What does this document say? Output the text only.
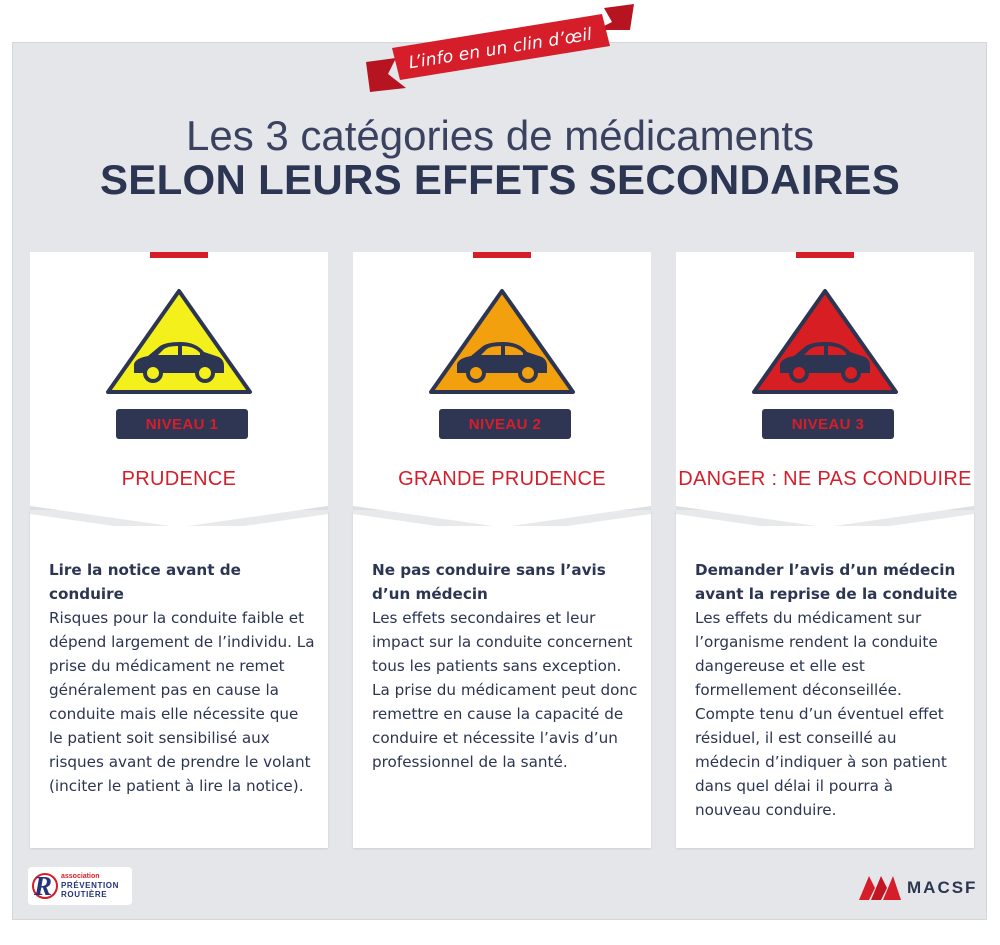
L’info en un clin d’œil
Les 3 catégories de médicaments
SELON LEURS EFFETS SECONDAIRES
Lire la notice avant de conduire
Risques pour la conduite faible et dépend largement de l’individu. La prise du médicament ne remet généralement pas en cause la conduite mais elle nécessite que le patient soit sensibilisé aux risques avant de prendre le volant (inciter le patient à lire la notice).
NIVEAU 1
PRUDENCE
Ne pas conduire sans l’avis d’un médecin
Les effets secondaires et leur impact sur la conduite concernent tous les patients sans exception. La prise du médicament peut donc remettre en cause la capacité de conduire et nécessite l’avis d’un professionnel de la santé.
NIVEAU 2
GRANDE PRUDENCE
Demander l’avis d’un médecin avant la reprise de la conduite
Les effets du médicament sur l’organisme rendent la conduite dangereuse et elle est formellement déconseillée. Compte tenu d’un éventuel effet résiduel, il est conseillé au médecin d’indiquer à son patient dans quel délai il pourra à nouveau conduire.
NIVEAU 3
DANGER : NE PAS CONDUIRE
R	association
PRÉVENTION
ROUTIÈRE	MACSF
